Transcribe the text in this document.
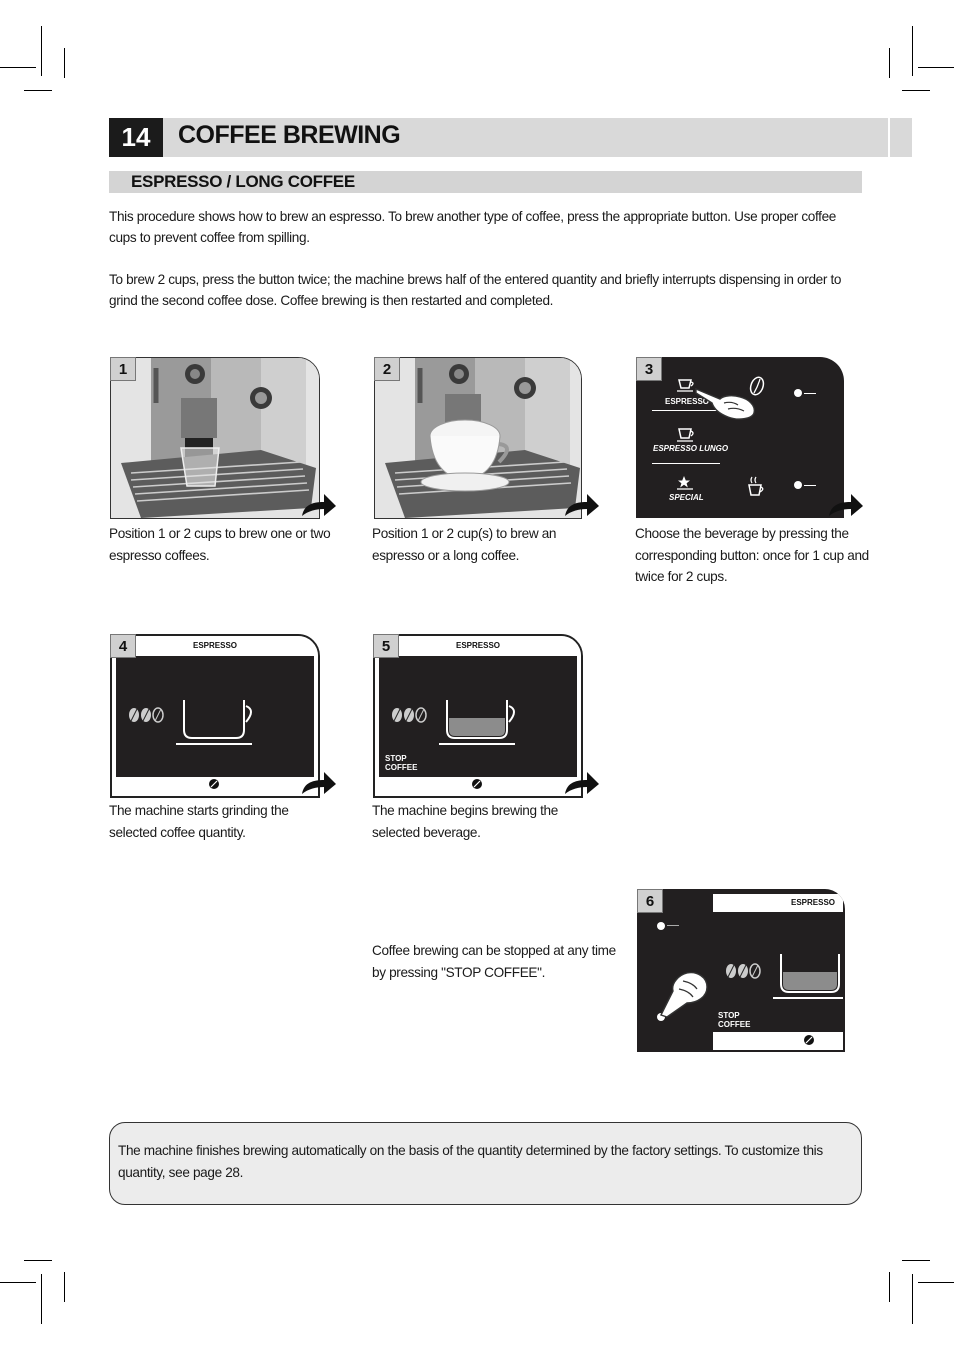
14	COFFEE BREWING
ESPRESSO / LONG COFFEE
This procedure shows how to brew an espresso. To brew another type of coffee, press the appropriate button. Use proper coffee cups to prevent coffee from spilling.
To brew 2 cups, press the button twice; the machine brews half of the entered quantity and briefly interrupts dispensing in order to grind the second coffee dose. Coffee brewing is then restarted and completed.
1
Position 1 or 2 cups to brew one or two espresso coffees.
2
Position 1 or 2 cup(s) to brew an espresso or a long coffee.
3
ESPRESSO
ESPRESSO LUNGO
SPECIAL
Choose the beverage by pressing the corresponding button: once for 1 cup and twice for 2 cups.
4	ESPRESSO
The machine starts grinding the selected coffee quantity.
5	ESPRESSO
STOP
COFFEE
The machine begins brewing the selected beverage.
Coffee brewing can be stopped at any time by pressing "STOP COFFEE".
6	ESPRESSO
STOP
COFFEE
The machine finishes brewing automatically on the basis of the quantity determined by the factory settings. To customize this quantity, see page 28.
